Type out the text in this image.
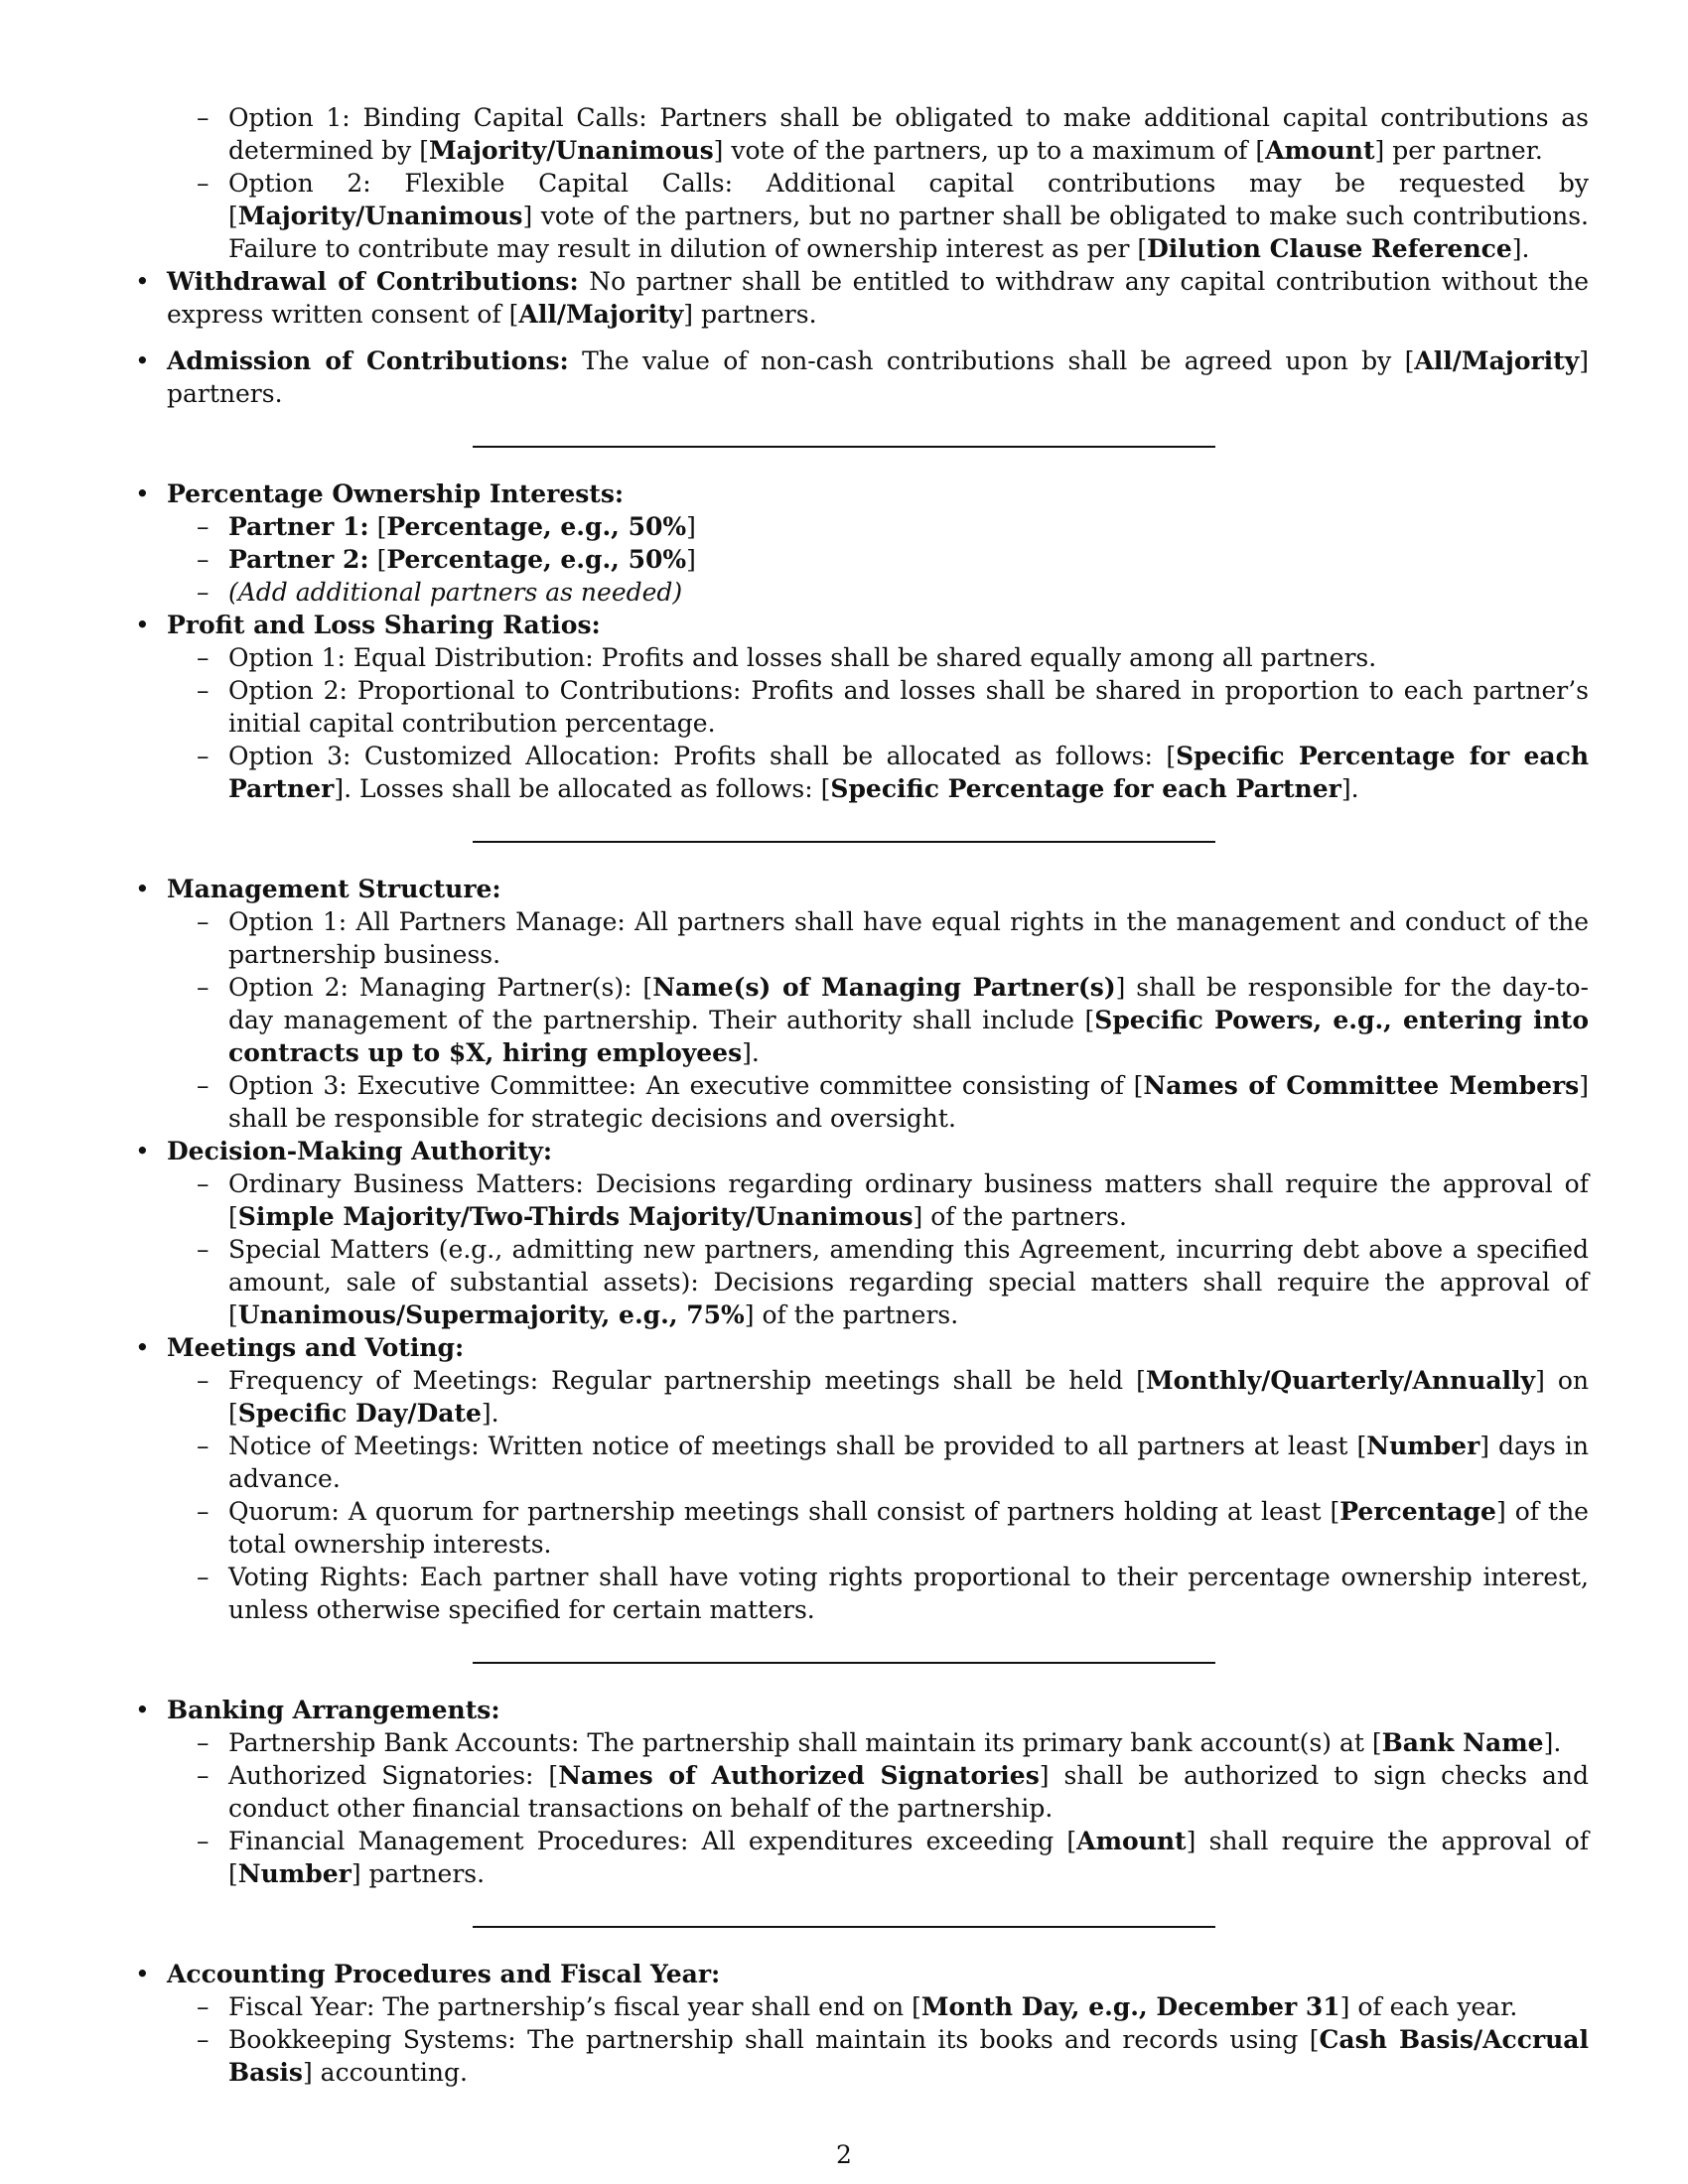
– Option 1: Binding Capital Calls: Partners shall be obligated to make additional capital contributions as determined by [Majority/Unanimous] vote of the partners, up to a maximum of [Amount] per partner.
– Option 2: Flexible Capital Calls: Additional capital contributions may be requested by [Majority/Unanimous] vote of the partners, but no partner shall be obligated to make such contributions. Failure to contribute may result in dilution of ownership interest as per [Dilution Clause Reference].
• Withdrawal of Contributions: No partner shall be entitled to withdraw any capital contribution without the express written consent of [All/Majority] partners.
• Admission of Contributions: The value of non-cash contributions shall be agreed upon by [All/Majority] partners.
• Percentage Ownership Interests:
– Partner 1: [Percentage, e.g., 50%]
– Partner 2: [Percentage, e.g., 50%]
– (Add additional partners as needed)
• Profit and Loss Sharing Ratios:
– Option 1: Equal Distribution: Profits and losses shall be shared equally among all partners.
– Option 2: Proportional to Contributions: Profits and losses shall be shared in proportion to each partner’s initial capital contribution percentage.
– Option 3: Customized Allocation: Profits shall be allocated as follows: [Specific Percentage for each Partner]. Losses shall be allocated as follows: [Specific Percentage for each Partner].
• Management Structure:
– Option 1: All Partners Manage: All partners shall have equal rights in the management and conduct of the partnership business.
– Option 2: Managing Partner(s): [Name(s) of Managing Partner(s)] shall be responsible for the day-to-day management of the partnership. Their authority shall include [Specific Powers, e.g., entering into contracts up to $X, hiring employees].
– Option 3: Executive Committee: An executive committee consisting of [Names of Committee Members] shall be responsible for strategic decisions and oversight.
• Decision-Making Authority:
– Ordinary Business Matters: Decisions regarding ordinary business matters shall require the approval of [Simple Majority/Two-Thirds Majority/Unanimous] of the partners.
– Special Matters (e.g., admitting new partners, amending this Agreement, incurring debt above a specified amount, sale of substantial assets): Decisions regarding special matters shall require the approval of [Unanimous/Supermajority, e.g., 75%] of the partners.
• Meetings and Voting:
– Frequency of Meetings: Regular partnership meetings shall be held [Monthly/Quarterly/Annually] on [Specific Day/Date].
– Notice of Meetings: Written notice of meetings shall be provided to all partners at least [Number] days in advance.
– Quorum: A quorum for partnership meetings shall consist of partners holding at least [Percentage] of the total ownership interests.
– Voting Rights: Each partner shall have voting rights proportional to their percentage ownership interest, unless otherwise specified for certain matters.
• Banking Arrangements:
– Partnership Bank Accounts: The partnership shall maintain its primary bank account(s) at [Bank Name].
– Authorized Signatories: [Names of Authorized Signatories] shall be authorized to sign checks and conduct other financial transactions on behalf of the partnership.
– Financial Management Procedures: All expenditures exceeding [Amount] shall require the approval of [Number] partners.
• Accounting Procedures and Fiscal Year:
– Fiscal Year: The partnership’s fiscal year shall end on [Month Day, e.g., December 31] of each year.
– Bookkeeping Systems: The partnership shall maintain its books and records using [Cash Basis/Accrual Basis] accounting.
2
